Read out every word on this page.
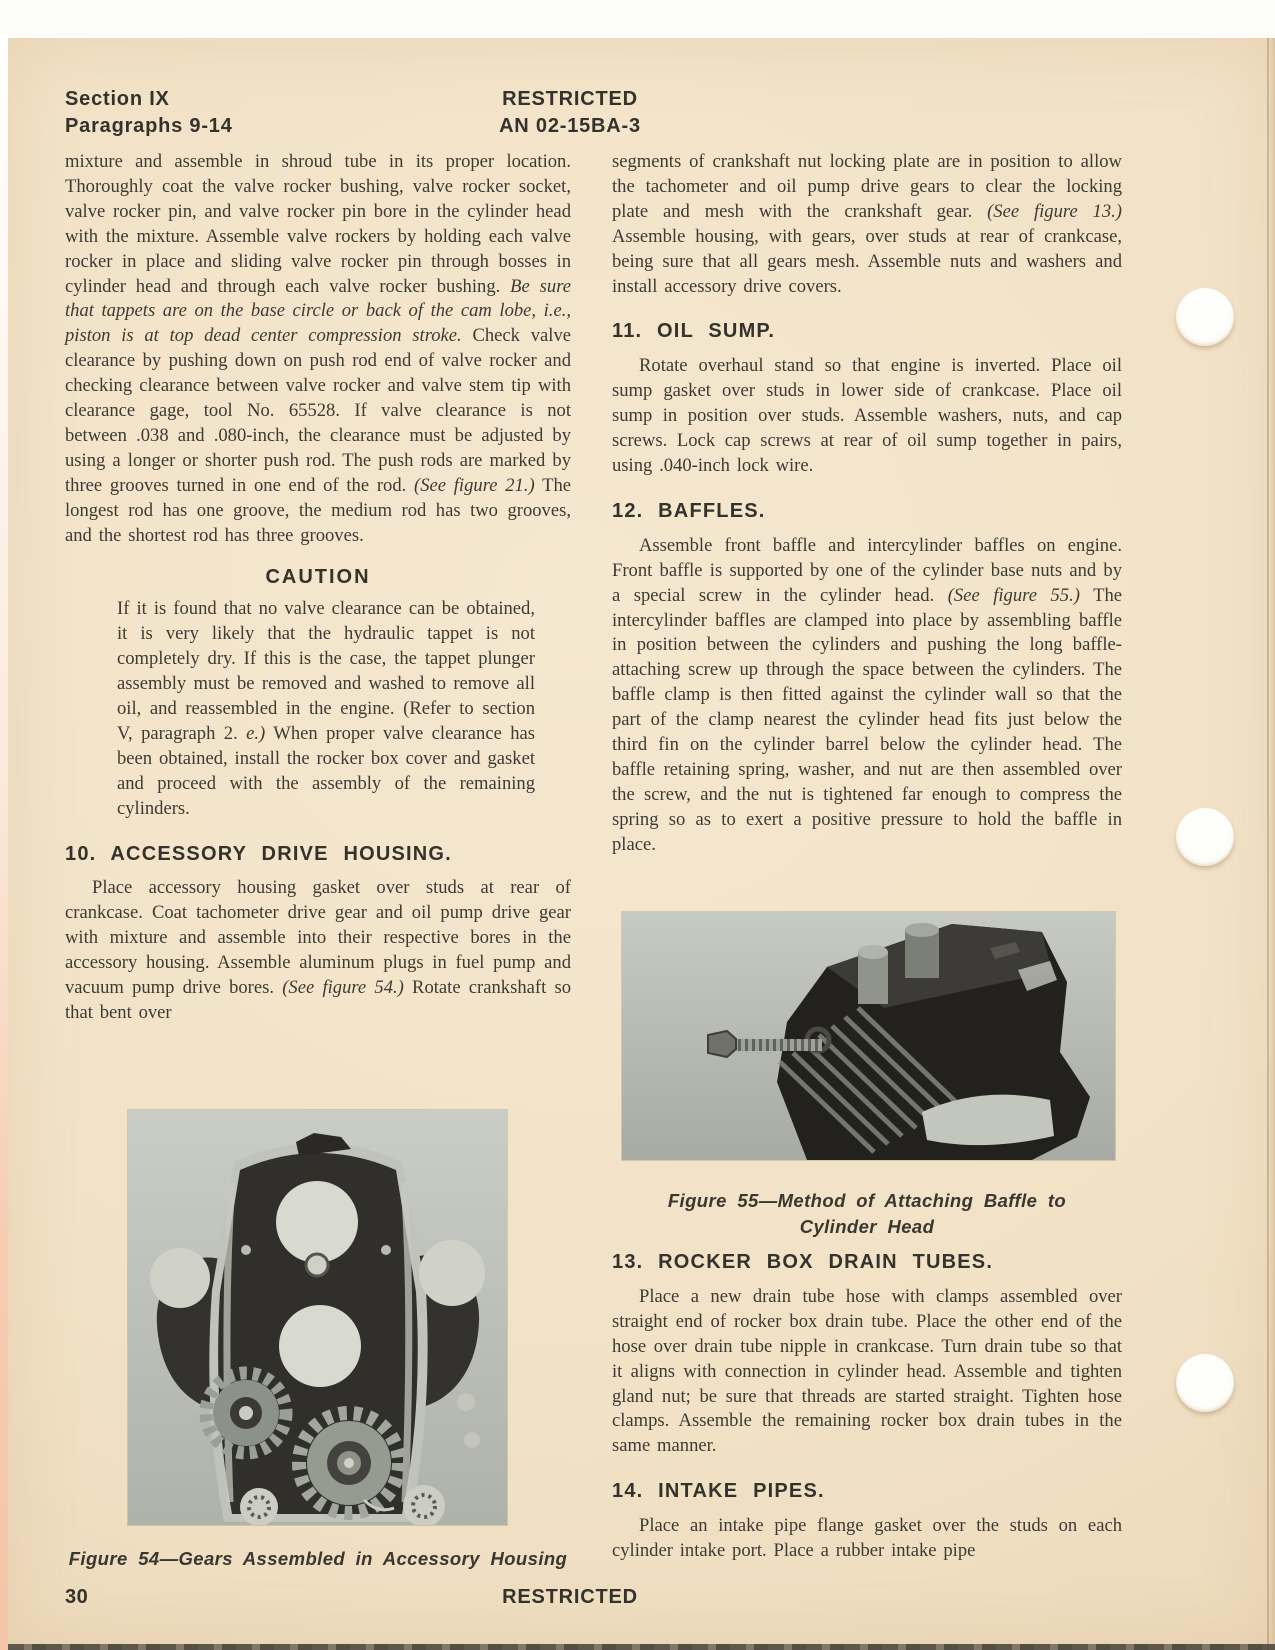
Section IX
Paragraphs 9-14
RESTRICTED
AN 02-15BA-3

mixture and assemble in shroud tube in its proper location. Thoroughly coat the valve rocker bushing, valve rocker socket, valve rocker pin, and valve rocker pin bore in the cylinder head with the mixture. Assemble valve rockers by holding each valve rocker in place and sliding valve rocker pin through bosses in cylinder head and through each valve rocker bushing. Be sure that tappets are on the base circle or back of the cam lobe, i.e., piston is at top dead center compression stroke. Check valve clearance by pushing down on push rod end of valve rocker and checking clearance between valve rocker and valve stem tip with clearance gage, tool No. 65528. If valve clearance is not between .038 and .080-inch, the clearance must be adjusted by using a longer or shorter push rod. The push rods are marked by three grooves turned in one end of the rod. (See figure 21.) The longest rod has one groove, the medium rod has two grooves, and the shortest rod has three grooves.

CAUTION

If it is found that no valve clearance can be obtained, it is very likely that the hydraulic tappet is not completely dry. If this is the case, the tappet plunger assembly must be removed and washed to remove all oil, and reassembled in the engine. (Refer to section V, paragraph 2. e.) When proper valve clearance has been obtained, install the rocker box cover and gasket and proceed with the assembly of the remaining cylinders.

10. ACCESSORY DRIVE HOUSING.

Place accessory housing gasket over studs at rear of crankcase. Coat tachometer drive gear and oil pump drive gear with mixture and assemble into their respective bores in the accessory housing. Assemble aluminum plugs in fuel pump and vacuum pump drive bores. (See figure 54.) Rotate crankshaft so that bent over

segments of crankshaft nut locking plate are in position to allow the tachometer and oil pump drive gears to clear the locking plate and mesh with the crankshaft gear. (See figure 13.) Assemble housing, with gears, over studs at rear of crankcase, being sure that all gears mesh. Assemble nuts and washers and install accessory drive covers.

11. OIL SUMP.

Rotate overhaul stand so that engine is inverted. Place oil sump gasket over studs in lower side of crankcase. Place oil sump in position over studs. Assemble washers, nuts, and cap screws. Lock cap screws at rear of oil sump together in pairs, using .040-inch lock wire.

12. BAFFLES.

Assemble front baffle and intercylinder baffles on engine. Front baffle is supported by one of the cylinder base nuts and by a special screw in the cylinder head. (See figure 55.) The intercylinder baffles are clamped into place by assembling baffle in position between the cylinders and pushing the long baffle-attaching screw up through the space between the cylinders. The baffle clamp is then fitted against the cylinder wall so that the part of the clamp nearest the cylinder head fits just below the third fin on the cylinder barrel below the cylinder head. The baffle retaining spring, washer, and nut are then assembled over the screw, and the nut is tightened far enough to compress the spring so as to exert a positive pressure to hold the baffle in place.

Figure 54—Gears Assembled in Accessory Housing
Figure 55—Method of Attaching Baffle to
Cylinder Head

13. ROCKER BOX DRAIN TUBES.

Place a new drain tube hose with clamps assembled over straight end of rocker box drain tube. Place the other end of the hose over drain tube nipple in crankcase. Turn drain tube so that it aligns with connection in cylinder head. Assemble and tighten gland nut; be sure that threads are started straight. Tighten hose clamps. Assemble the remaining rocker box drain tubes in the same manner.

14. INTAKE PIPES.

Place an intake pipe flange gasket over the studs on each cylinder intake port. Place a rubber intake pipe

30	RESTRICTED
